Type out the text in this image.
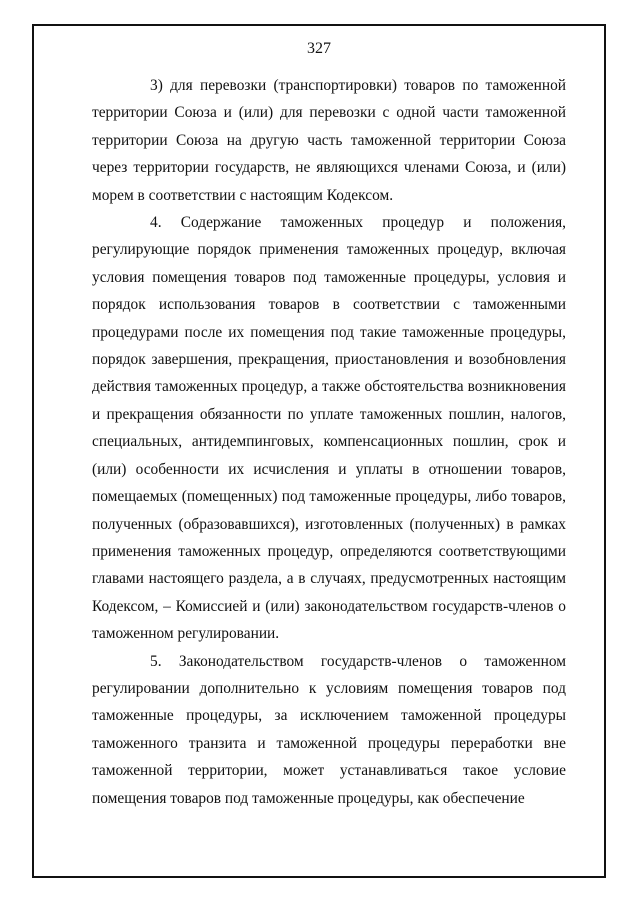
327

3) для перевозки (транспортировки) товаров по таможенной территории Союза и (или) для перевозки с одной части таможенной территории Союза на другую часть таможенной территории Союза через территории государств, не являющихся членами Союза, и (или) морем в соответствии с настоящим Кодексом.

4. Содержание таможенных процедур и положения, регулирующие порядок применения таможенных процедур, включая условия помещения товаров под таможенные процедуры, условия и порядок использования товаров в соответствии с таможенными процедурами после их помещения под такие таможенные процедуры, порядок завершения, прекращения, приостановления и возобновления действия таможенных процедур, а также обстоятельства возникновения и прекращения обязанности по уплате таможенных пошлин, налогов, специальных, антидемпинговых, компенсационных пошлин, срок и (или) особенности их исчисления и уплаты в отношении товаров, помещаемых (помещенных) под таможенные процедуры, либо товаров, полученных (образовавшихся), изготовленных (полученных) в рамках применения таможенных процедур, определяются соответствующими главами настоящего раздела, а в случаях, предусмотренных настоящим Кодексом, – Комиссией и (или) законодательством государств-членов о таможенном регулировании.

5. Законодательством государств-членов о таможенном регулировании дополнительно к условиям помещения товаров под таможенные процедуры, за исключением таможенной процедуры таможенного транзита и таможенной процедуры переработки вне таможенной территории, может устанавливаться такое условие помещения товаров под таможенные процедуры, как обеспечение
